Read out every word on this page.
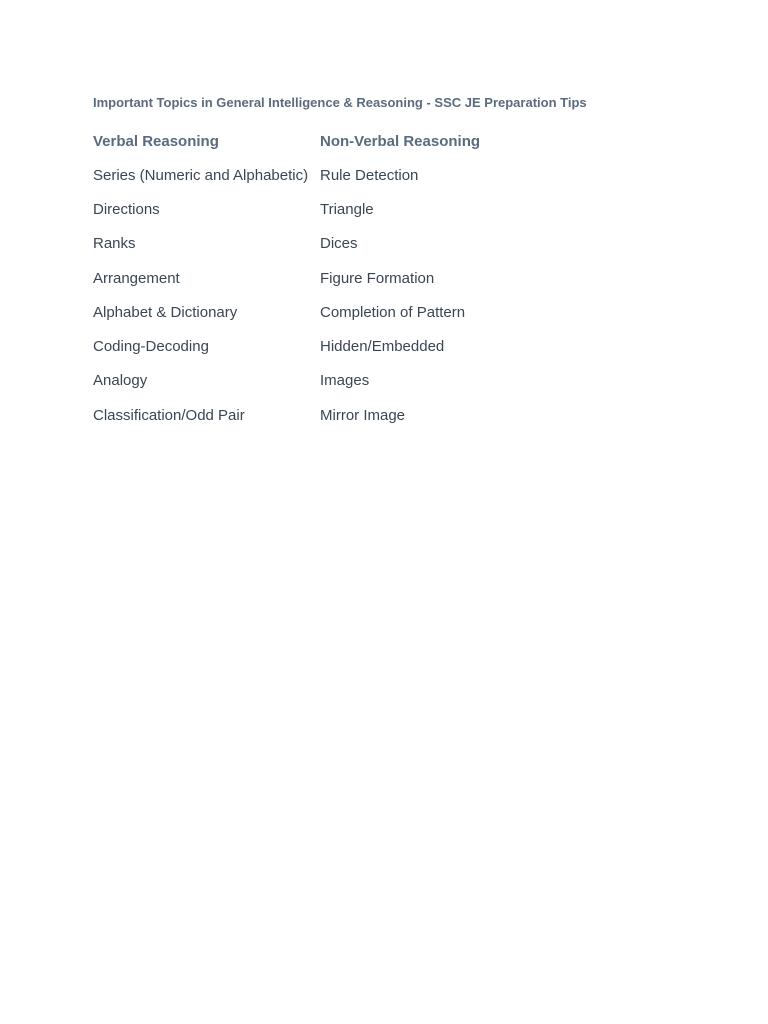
Important Topics in General Intelligence & Reasoning - SSC JE Preparation Tips
Verbal Reasoning	Non-Verbal Reasoning
Series (Numeric and Alphabetic)	Rule Detection
Directions	Triangle
Ranks	Dices
Arrangement	Figure Formation
Alphabet & Dictionary	Completion of Pattern
Coding-Decoding	Hidden/Embedded
Analogy	Images
Classification/Odd Pair	Mirror Image
